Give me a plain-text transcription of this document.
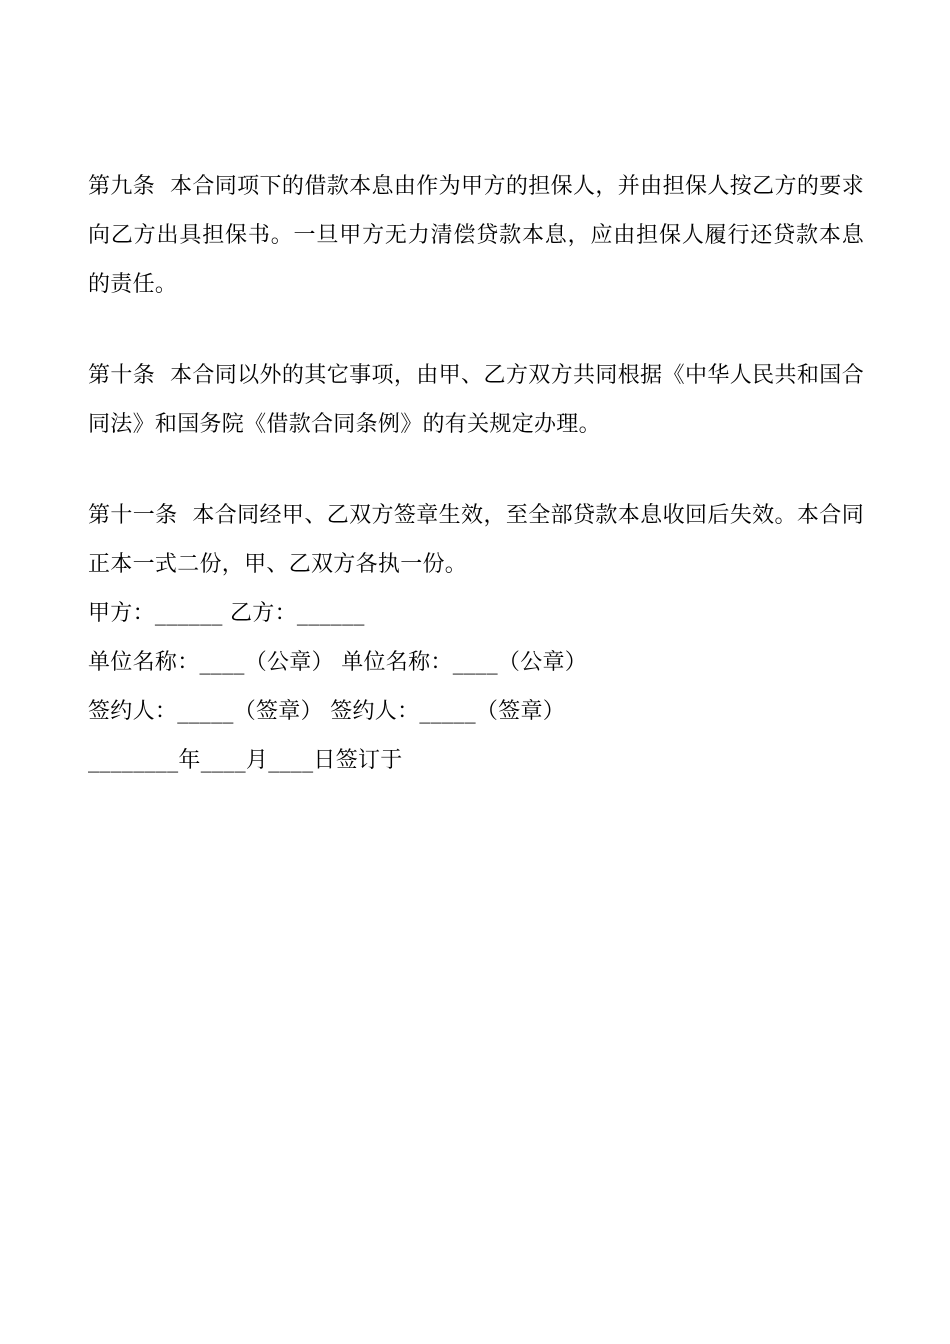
第九条 本合同项下的借款本息由作为甲方的担保人，并由担保人按乙方的要求向乙方出具担保书。一旦甲方无力清偿贷款本息，应由担保人履行还贷款本息的责任。

第十条 本合同以外的其它事项，由甲、乙方双方共同根据《中华人民共和国合同法》和国务院《借款合同条例》的有关规定办理。

第十一条 本合同经甲、乙双方签章生效，至全部贷款本息收回后失效。本合同正本一式二份，甲、乙双方各执一份。

甲方：______ 乙方：______

单位名称：____（公章） 单位名称：____（公章）

签约人：_____（签章） 签约人：_____（签章）

________年____月____日签订于
